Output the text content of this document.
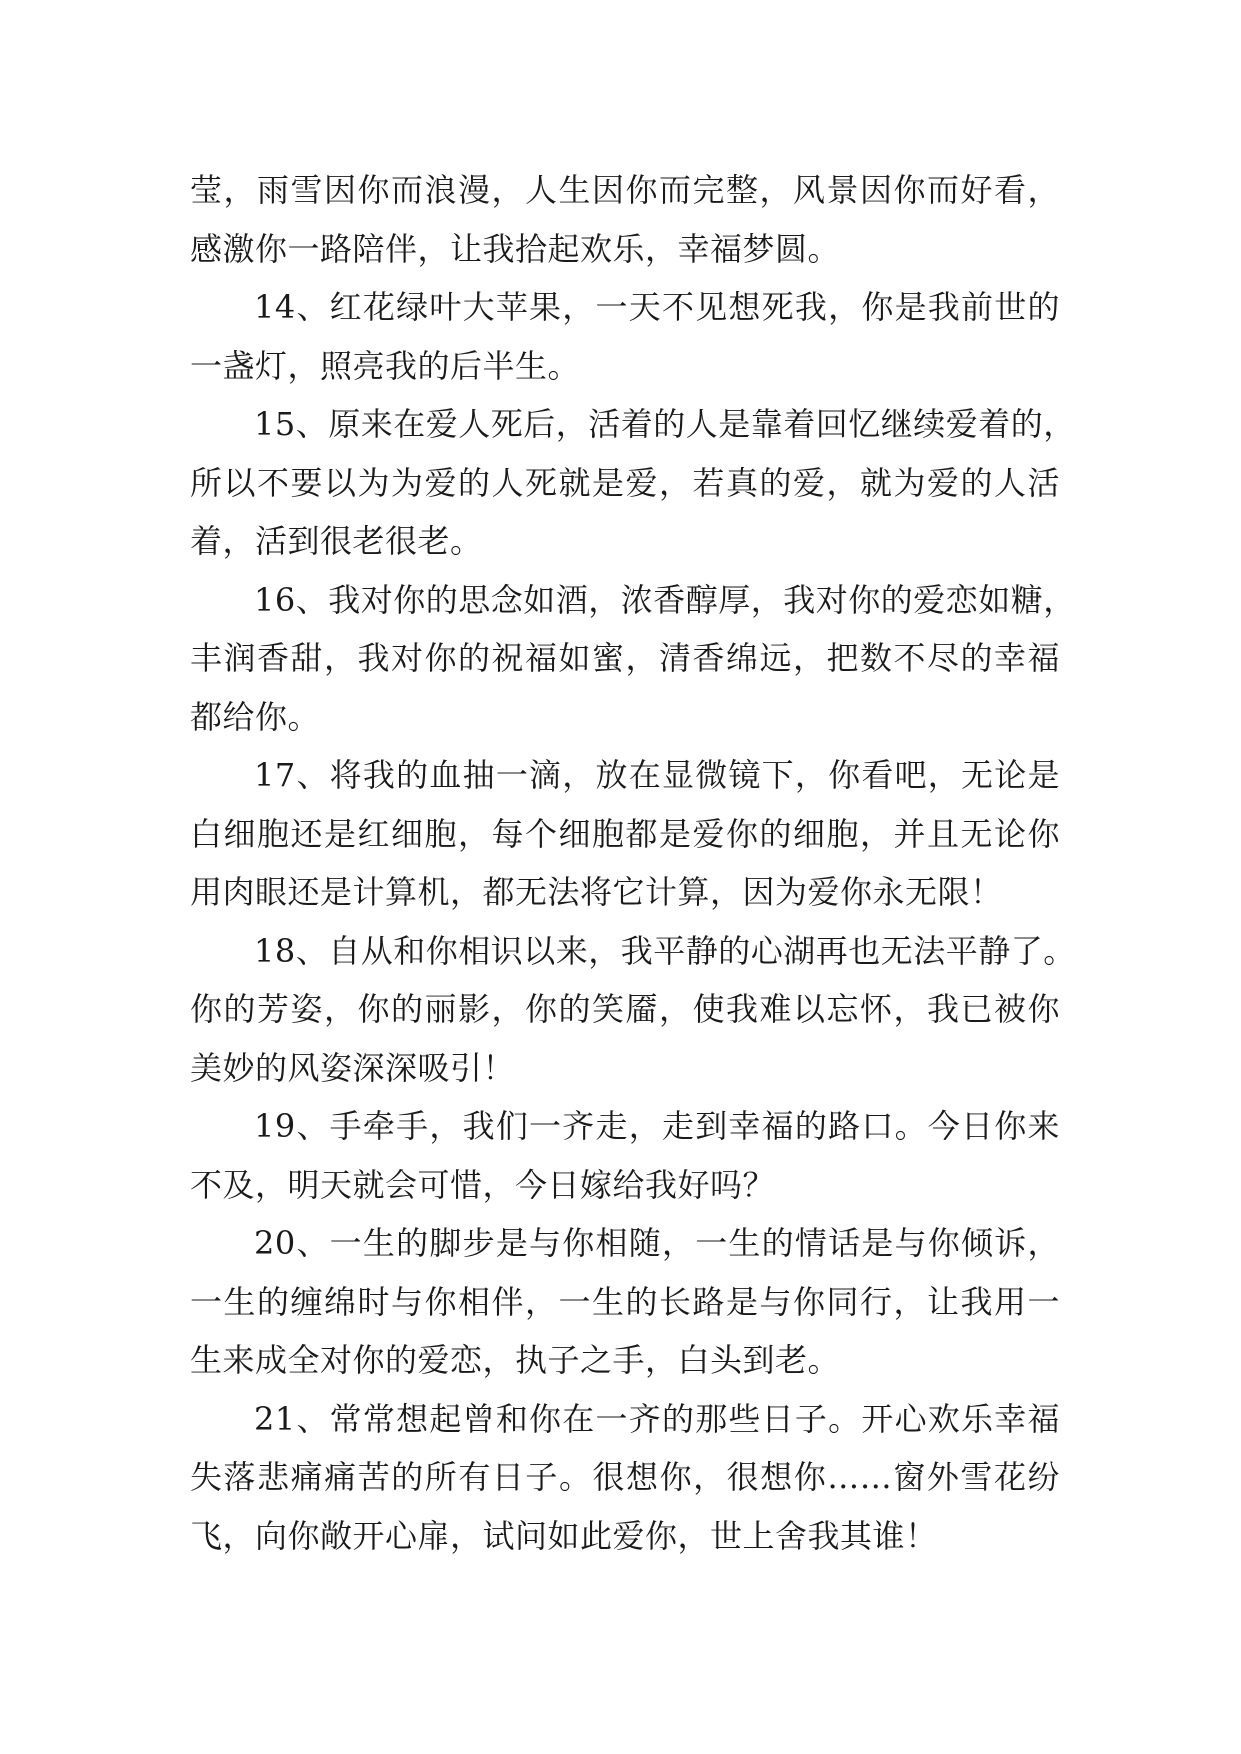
莹，雨雪因你而浪漫，人生因你而完整，风景因你而好看，
感激你一路陪伴，让我拾起欢乐，幸福梦圆。
14、红花绿叶大苹果，一天不见想死我，你是我前世的
一盏灯，照亮我的后半生。
15、原来在爱人死后，活着的人是靠着回忆继续爱着的，
所以不要以为为爱的人死就是爱，若真的爱，就为爱的人活
着，活到很老很老。
16、我对你的思念如酒，浓香醇厚，我对你的爱恋如糖，
丰润香甜，我对你的祝福如蜜，清香绵远，把数不尽的幸福
都给你。
17、将我的血抽一滴，放在显微镜下，你看吧，无论是
白细胞还是红细胞，每个细胞都是爱你的细胞，并且无论你
用肉眼还是计算机，都无法将它计算，因为爱你永无限！
18、自从和你相识以来，我平静的心湖再也无法平静了。
你的芳姿，你的丽影，你的笑靥，使我难以忘怀，我已被你
美妙的风姿深深吸引！
19、手牵手，我们一齐走，走到幸福的路口。今日你来
不及，明天就会可惜，今日嫁给我好吗？
20、一生的脚步是与你相随，一生的情话是与你倾诉，
一生的缠绵时与你相伴，一生的长路是与你同行，让我用一
生来成全对你的爱恋，执子之手，白头到老。
21、常常想起曾和你在一齐的那些日子。开心欢乐幸福
失落悲痛痛苦的所有日子。很想你，很想你……窗外雪花纷
飞，向你敞开心扉，试问如此爱你，世上舍我其谁！
